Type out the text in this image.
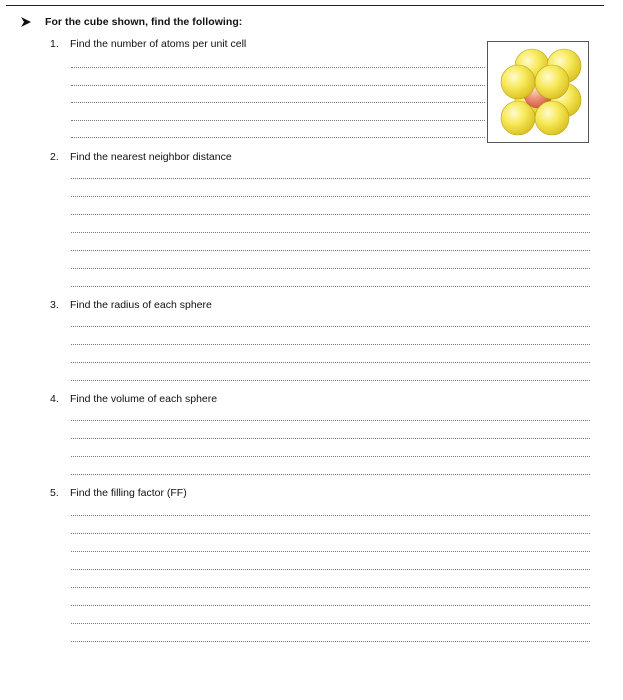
For the cube shown, find the following:
1.	Find the number of atoms per unit cell
2.	Find the nearest neighbor distance
3.	Find the radius of each sphere
4.	Find the volume of each sphere
5.	Find the filling factor (FF)
